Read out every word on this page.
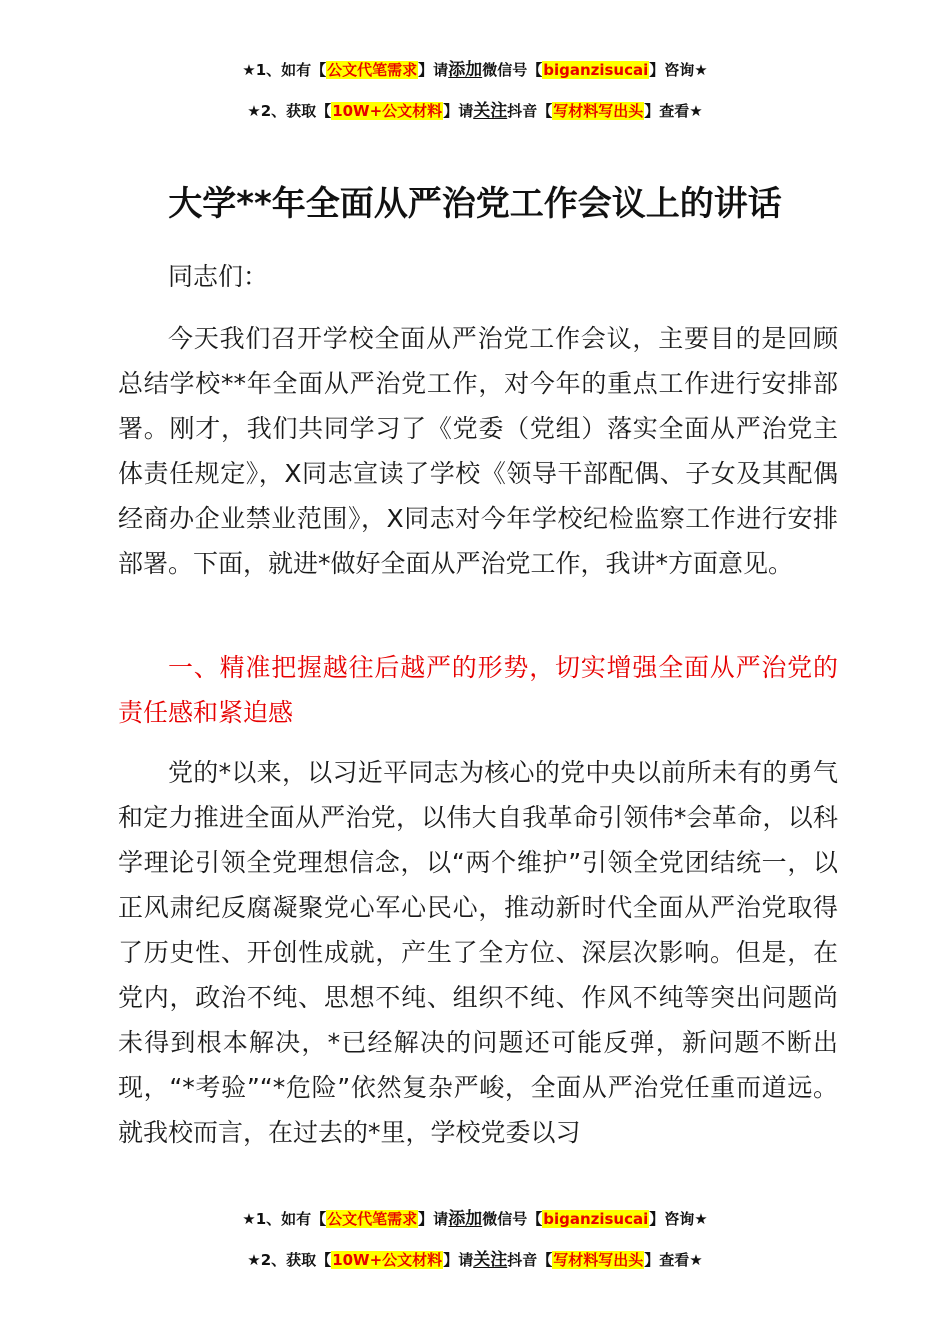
★1、如有【公文代笔需求】请添加微信号【biganzisucai】咨询★
★2、获取【10W+公文材料】请关注抖音【写材料写出头】查看★
大学**年全面从严治党工作会议上的讲话
同志们：
今天我们召开学校全面从严治党工作会议，主要目的是回顾总结学校**年全面从严治党工作，对今年的重点工作进行安排部署。刚才，我们共同学习了《党委（党组）落实全面从严治党主体责任规定》，X同志宣读了学校《领导干部配偶、子女及其配偶经商办企业禁业范围》，X同志对今年学校纪检监察工作进行安排部署。下面，就进*做好全面从严治党工作，我讲*方面意见。
一、精准把握越往后越严的形势，切实增强全面从严治党的责任感和紧迫感
党的*以来，以习近平同志为核心的党中央以前所未有的勇气和定力推进全面从严治党，以伟大自我革命引领伟*会革命，以科学理论引领全党理想信念，以“两个维护”引领全党团结统一，以正风肃纪反腐凝聚党心军心民心，推动新时代全面从严治党取得了历史性、开创性成就，产生了全方位、深层次影响。但是，在党内，政治不纯、思想不纯、组织不纯、作风不纯等突出问题尚未得到根本解决，*已经解决的问题还可能反弹，新问题不断出现，“*考验”“*危险”依然复杂严峻，全面从严治党任重而道远。就我校而言，在过去的*里，学校党委以习
★1、如有【公文代笔需求】请添加微信号【biganzisucai】咨询★
★2、获取【10W+公文材料】请关注抖音【写材料写出头】查看★
